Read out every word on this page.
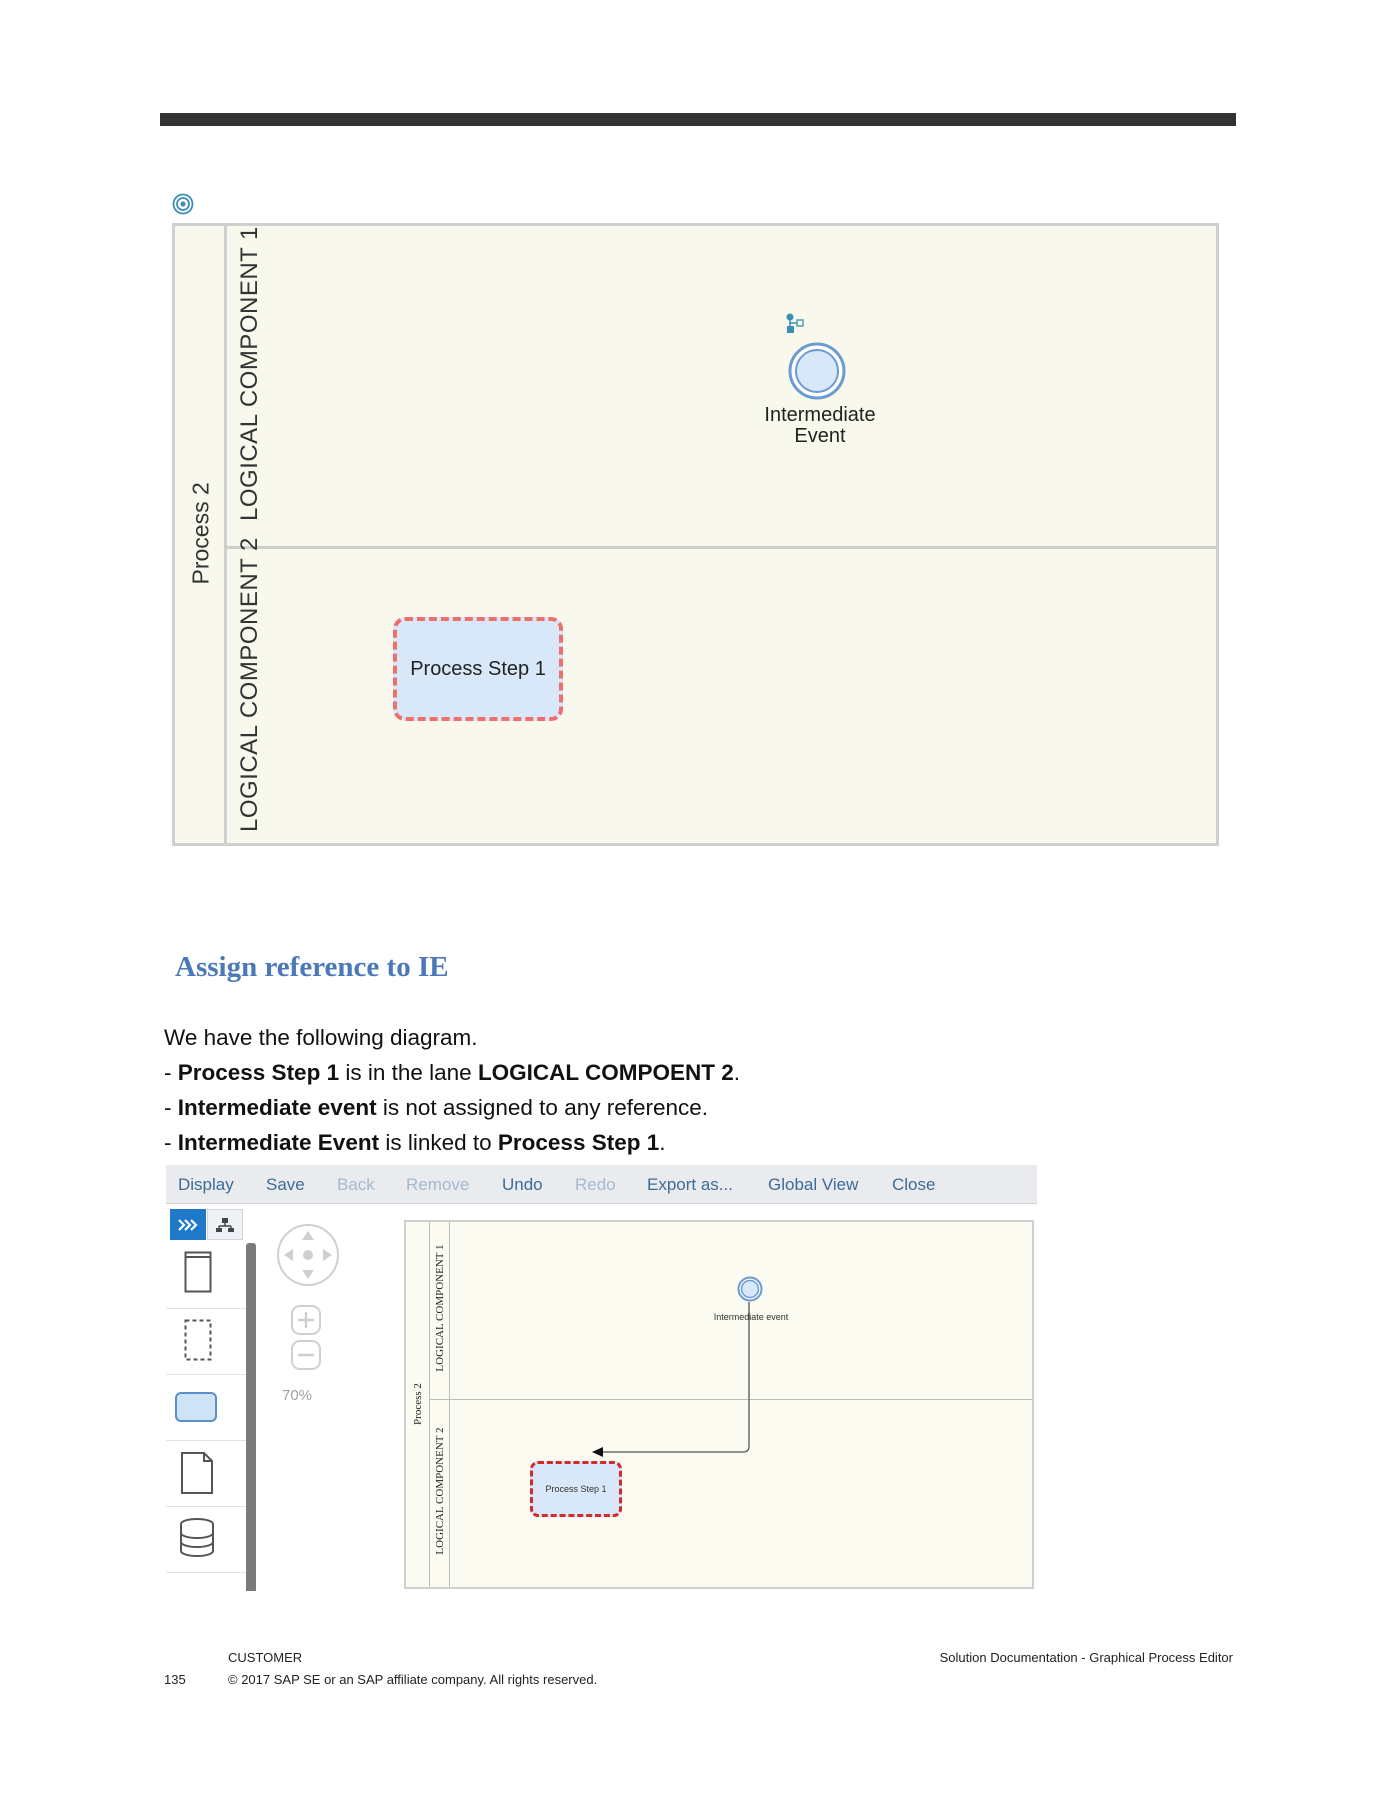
Process 2
LOGICAL COMPONENT 1
LOGICAL COMPONENT 2
Intermediate
Event
Process Step 1
Assign reference to IE
We have the following diagram.
- Process Step 1 is in the lane LOGICAL COMPOENT 2.
- Intermediate event is not assigned to any reference.
- Intermediate Event is linked to Process Step 1.
Display Save Back Remove Undo Redo Export as... Global View Close
70%	Process 2
LOGICAL COMPONENT 1
LOGICAL COMPONENT 2
Intermediate event
Process Step 1
CUSTOMER	Solution Documentation - Graphical Process Editor
135	© 2017 SAP SE or an SAP affiliate company. All rights reserved.
